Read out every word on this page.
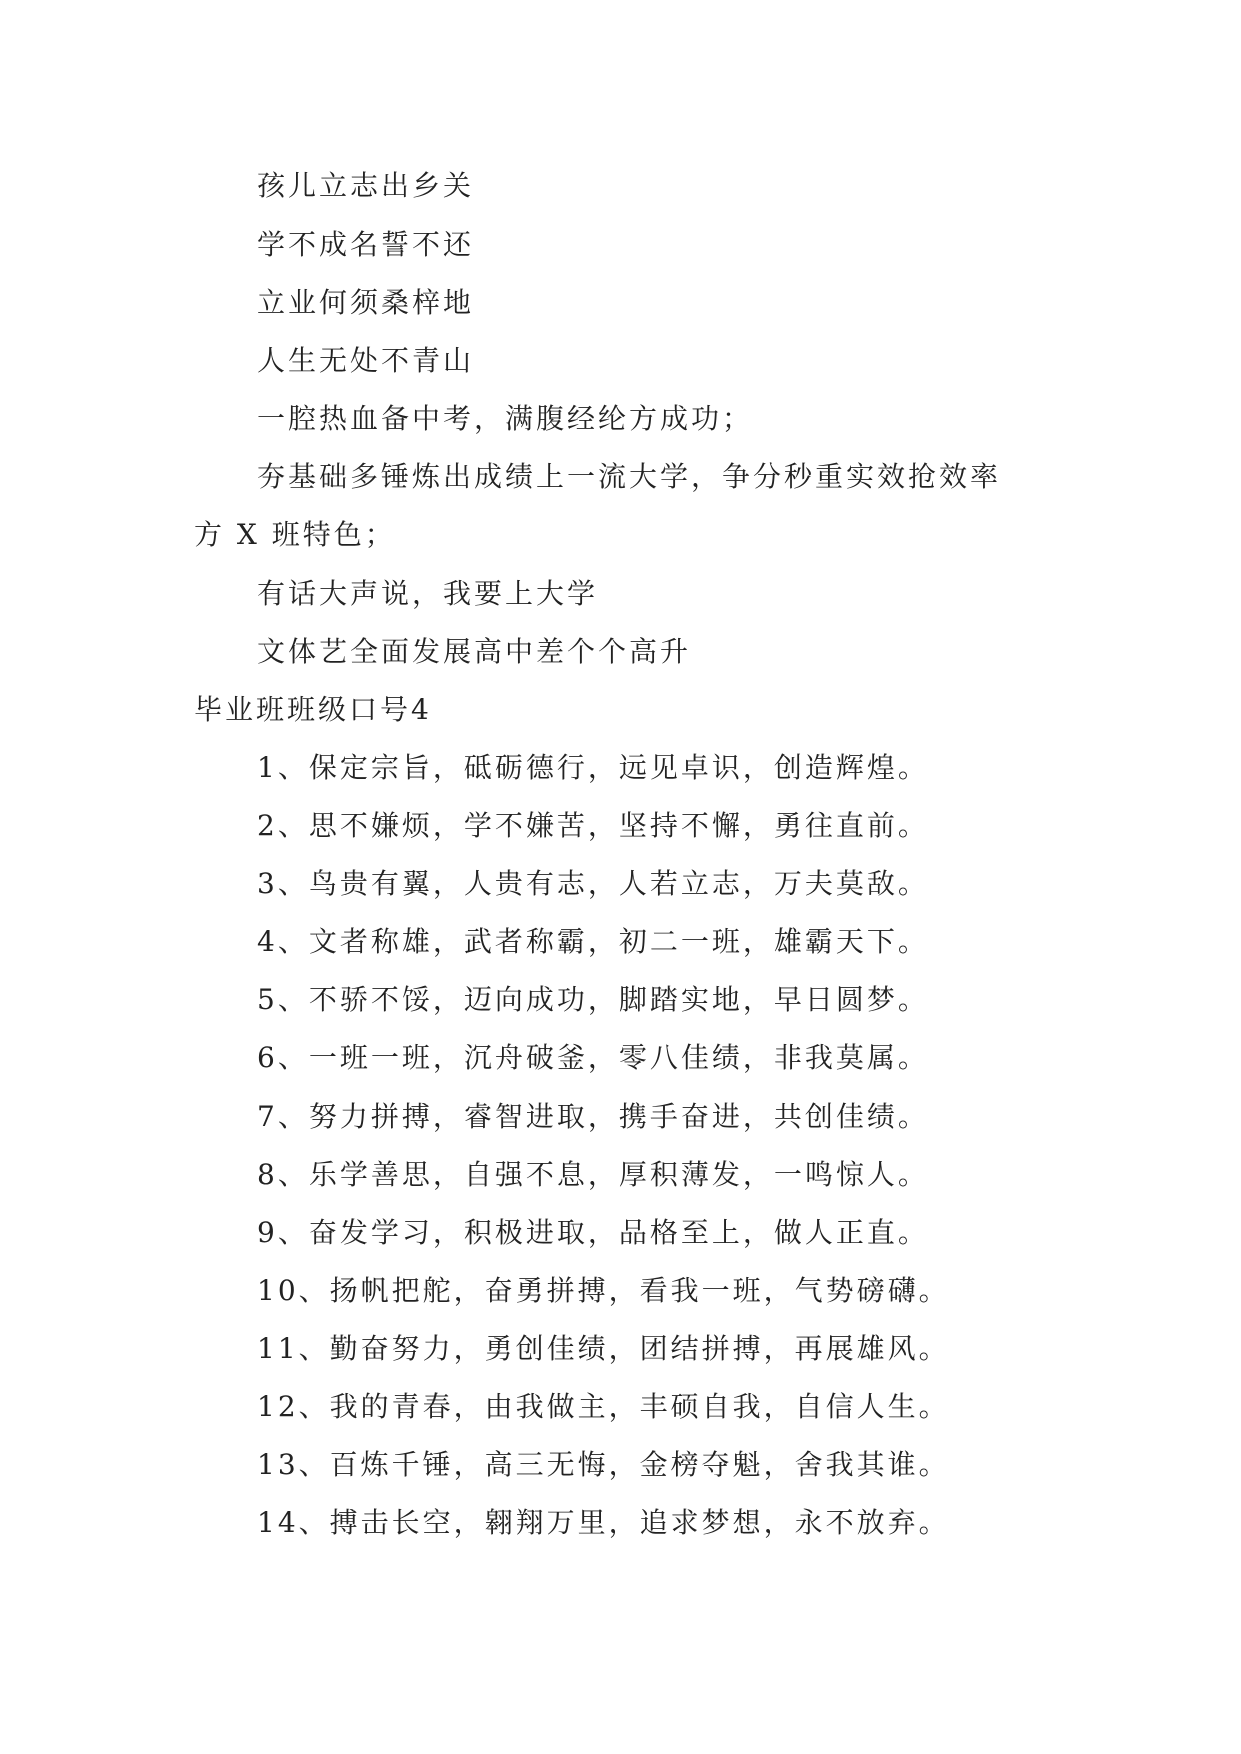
孩儿立志出乡关
学不成名誓不还
立业何须桑梓地
人生无处不青山
一腔热血备中考，满腹经纶方成功；
夯基础多锤炼出成绩上一流大学，争分秒重实效抢效率
方 X 班特色；
有话大声说，我要上大学
文体艺全面发展高中差个个高升
毕业班班级口号4
1、保定宗旨，砥砺德行，远见卓识，创造辉煌。
2、思不嫌烦，学不嫌苦，坚持不懈，勇往直前。
3、鸟贵有翼，人贵有志，人若立志，万夫莫敌。
4、文者称雄，武者称霸，初二一班，雄霸天下。
5、不骄不馁，迈向成功，脚踏实地，早日圆梦。
6、一班一班，沉舟破釜，零八佳绩，非我莫属。
7、努力拼搏，睿智进取，携手奋进，共创佳绩。
8、乐学善思，自强不息，厚积薄发，一鸣惊人。
9、奋发学习，积极进取，品格至上，做人正直。
10、扬帆把舵，奋勇拼搏，看我一班，气势磅礴。
11、勤奋努力，勇创佳绩，团结拼搏，再展雄风。
12、我的青春，由我做主，丰硕自我，自信人生。
13、百炼千锤，高三无悔，金榜夺魁，舍我其谁。
14、搏击长空，翱翔万里，追求梦想，永不放弃。
